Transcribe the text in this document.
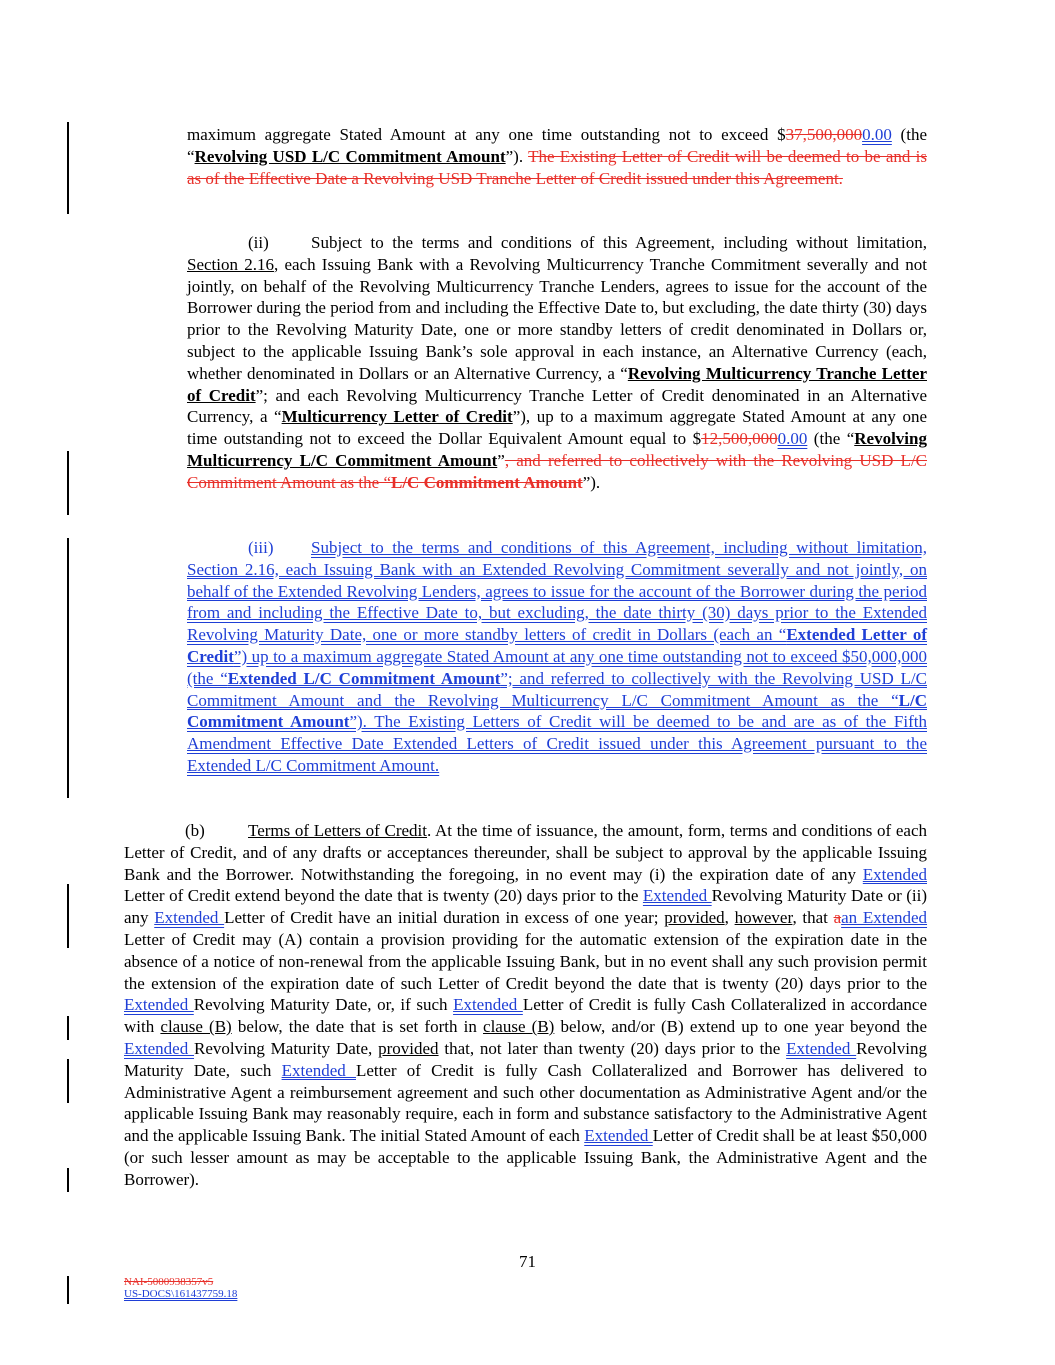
maximum aggregate Stated Amount at any one time outstanding not to exceed $37,500,0000.00 (the “Revolving USD L/C Commitment Amount”). The Existing Letter of Credit will be deemed to be and is as of the Effective Date a Revolving USD Tranche Letter of Credit issued under this Agreement.

(ii) Subject to the terms and conditions of this Agreement, including without limitation, Section 2.16, each Issuing Bank with a Revolving Multicurrency Tranche Commitment severally and not jointly, on behalf of the Revolving Multicurrency Tranche Lenders, agrees to issue for the account of the Borrower during the period from and including the Effective Date to, but excluding, the date thirty (30) days prior to the Revolving Maturity Date, one or more standby letters of credit denominated in Dollars or, subject to the applicable Issuing Bank’s sole approval in each instance, an Alternative Currency (each, whether denominated in Dollars or an Alternative Currency, a “Revolving Multicurrency Tranche Letter of Credit”; and each Revolving Multicurrency Tranche Letter of Credit denominated in an Alternative Currency, a “Multicurrency Letter of Credit”), up to a maximum aggregate Stated Amount at any one time outstanding not to exceed the Dollar Equivalent Amount equal to $12,500,0000.00 (the “Revolving Multicurrency L/C Commitment Amount”, and referred to collectively with the Revolving USD L/C Commitment Amount as the “L/C Commitment Amount”).

(iii) Subject to the terms and conditions of this Agreement, including without limitation, Section 2.16, each Issuing Bank with an Extended Revolving Commitment severally and not jointly, on behalf of the Extended Revolving Lenders, agrees to issue for the account of the Borrower during the period from and including the Effective Date to, but excluding, the date thirty (30) days prior to the Extended Revolving Maturity Date, one or more standby letters of credit in Dollars (each an “Extended Letter of Credit”) up to a maximum aggregate Stated Amount at any one time outstanding not to exceed $50,000,000 (the “Extended L/C Commitment Amount”; and referred to collectively with the Revolving USD L/C Commitment Amount and the Revolving Multicurrency L/C Commitment Amount as the “L/C Commitment Amount”). The Existing Letters of Credit will be deemed to be and are as of the Fifth Amendment Effective Date Extended Letters of Credit issued under this Agreement pursuant to the Extended L/C Commitment Amount.

(b)	Terms of Letters of Credit. At the time of issuance, the amount, form, terms and conditions of each Letter of Credit, and of any drafts or acceptances thereunder, shall be subject to approval by the applicable Issuing Bank and the Borrower. Notwithstanding the foregoing, in no event may (i) the expiration date of any Extended Letter of Credit extend beyond the date that is twenty (20) days prior to the Extended Revolving Maturity Date or (ii) any Extended Letter of Credit have an initial duration in excess of one year; provided, however, that aan Extended Letter of Credit may (A) contain a provision providing for the automatic extension of the expiration date in the absence of a notice of non-renewal from the applicable Issuing Bank, but in no event shall any such provision permit the extension of the expiration date of such Letter of Credit beyond the date that is twenty (20) days prior to the Extended Revolving Maturity Date, or, if such Extended Letter of Credit is fully Cash Collateralized in accordance with clause (B) below, the date that is set forth in clause (B) below, and/or (B) extend up to one year beyond the Extended Revolving Maturity Date, provided that, not later than twenty (20) days prior to the Extended Revolving Maturity Date, such Extended Letter of Credit is fully Cash Collateralized and Borrower has delivered to Administrative Agent a reimbursement agreement and such other documentation as Administrative Agent and/or the applicable Issuing Bank may reasonably require, each in form and substance satisfactory to the Administrative Agent and the applicable Issuing Bank. The initial Stated Amount of each Extended Letter of Credit shall be at least $50,000 (or such lesser amount as may be acceptable to the applicable Issuing Bank, the Administrative Agent and the Borrower).

71
NAI-5000938357v5
US-DOCS\161437759.18
